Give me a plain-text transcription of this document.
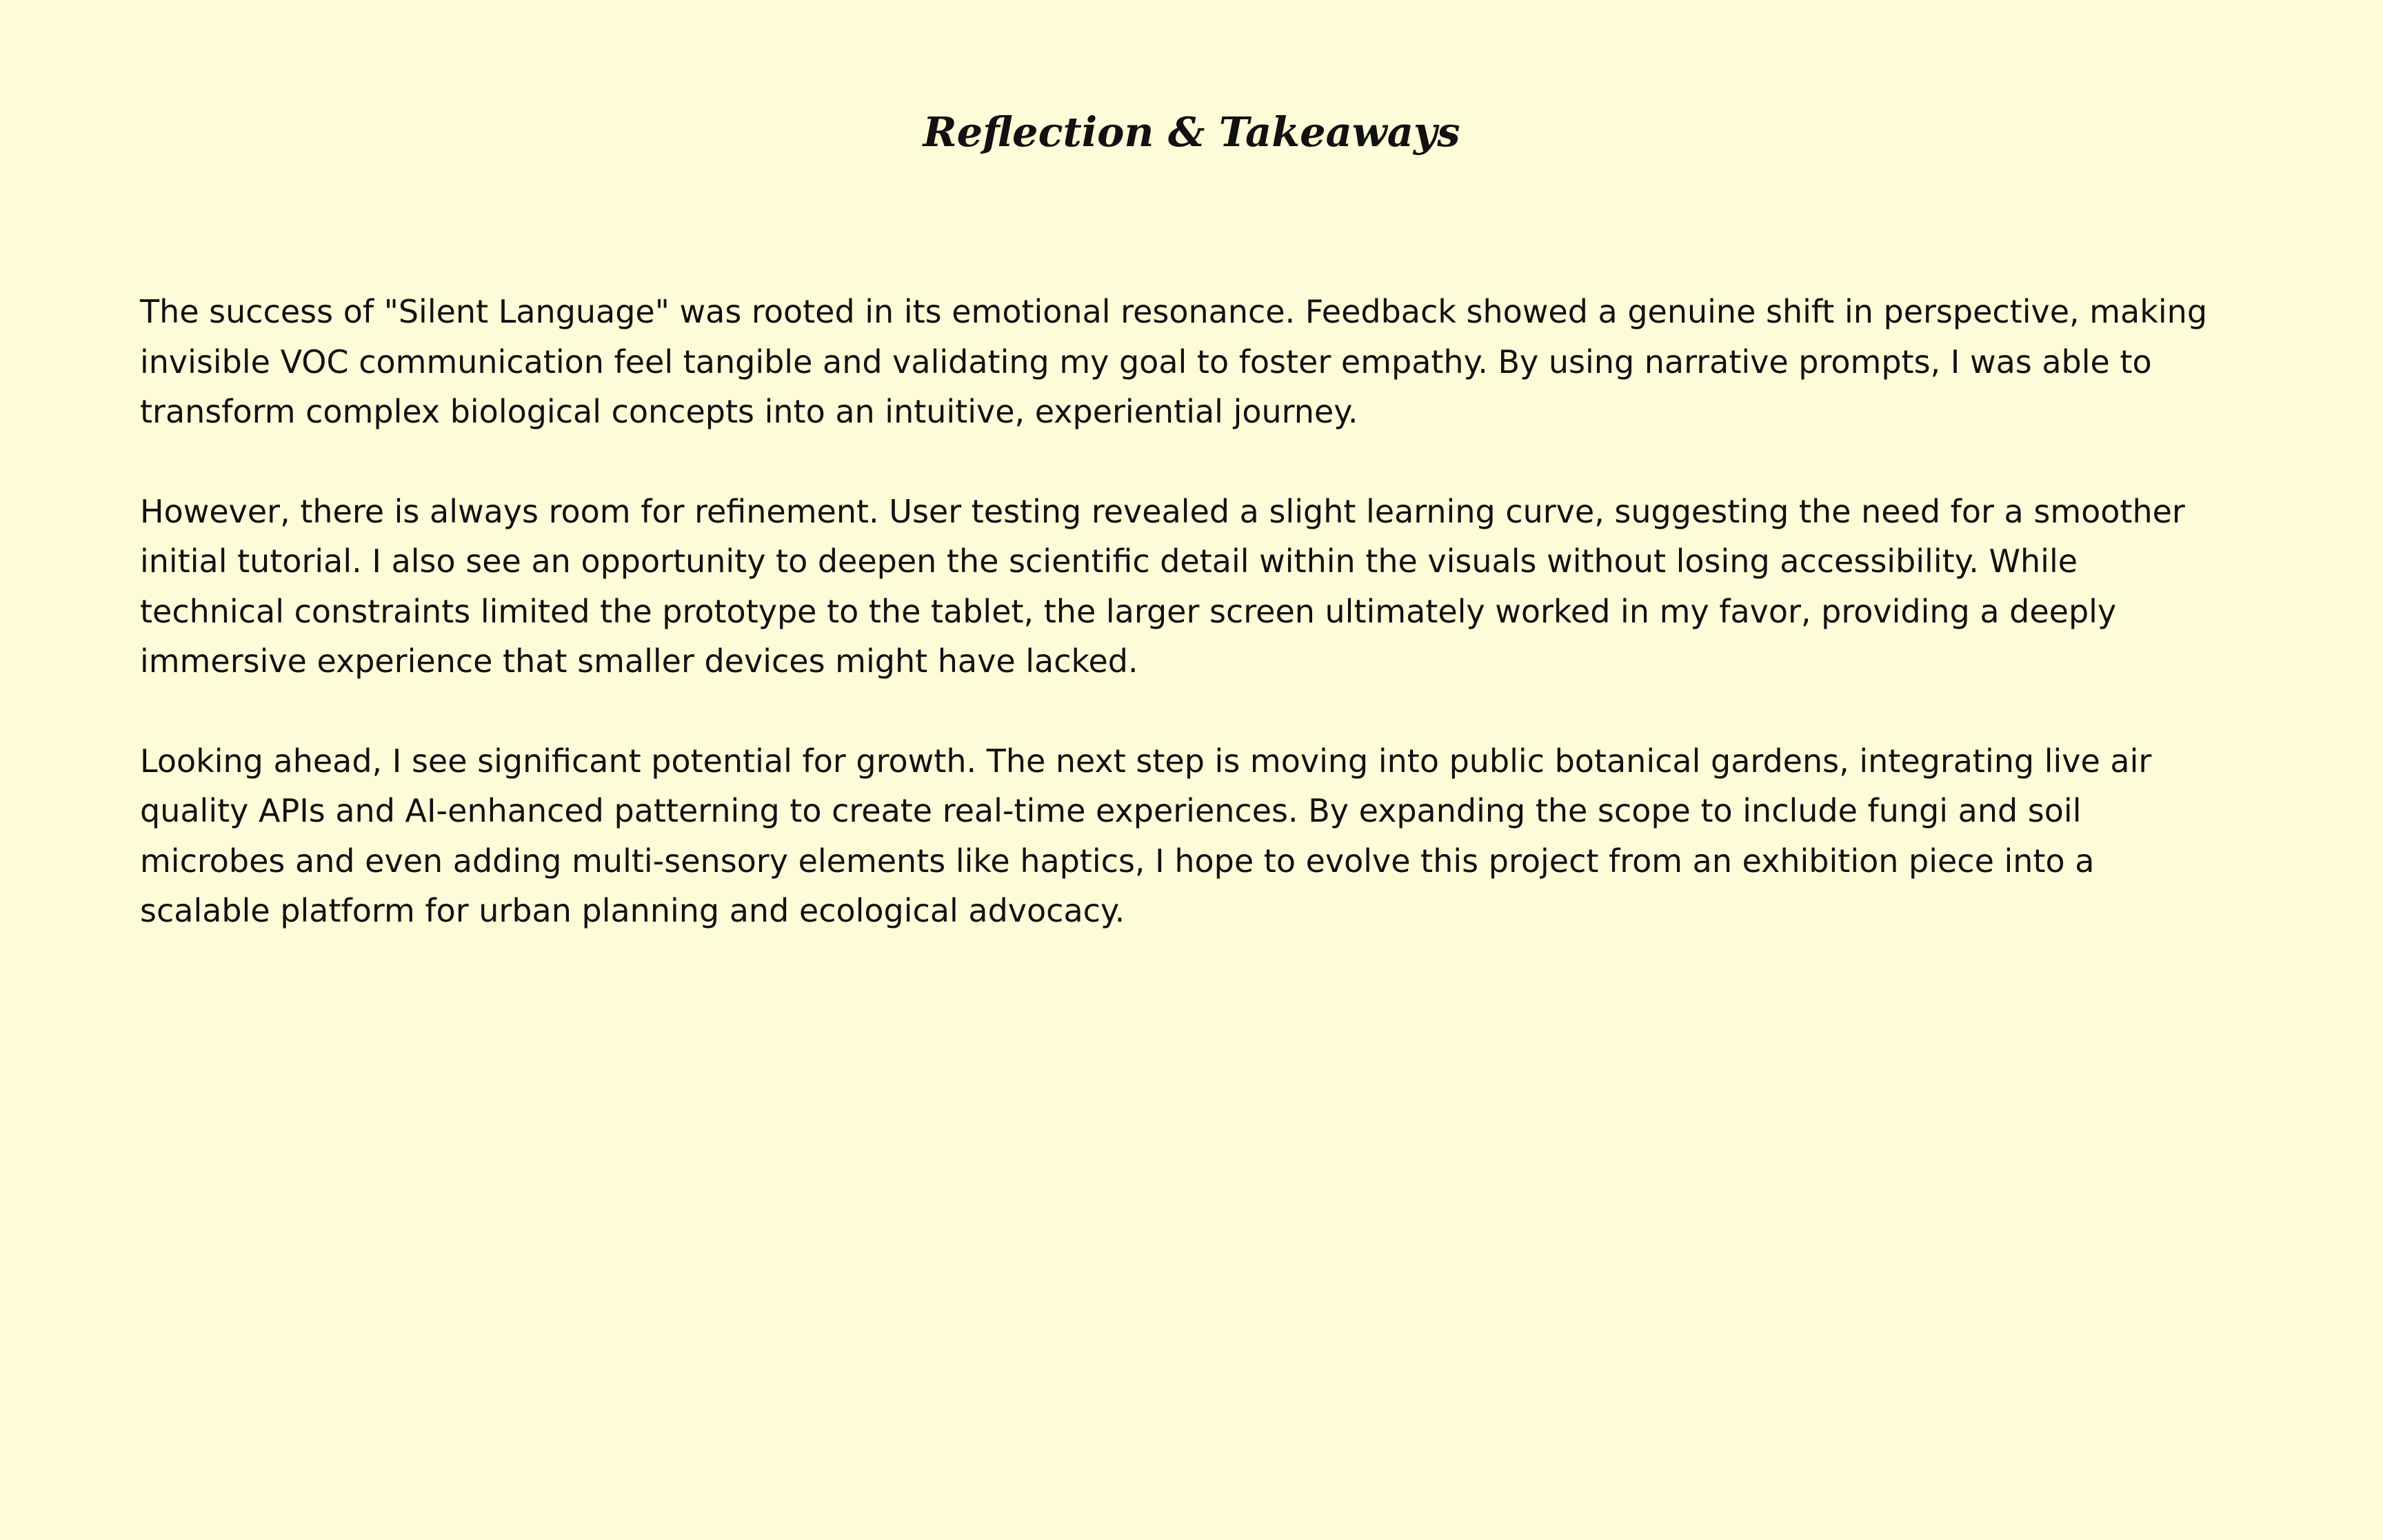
Reflection & Takeaways

The success of "Silent Language" was rooted in its emotional resonance. Feedback showed a genuine shift in perspective, making invisible VOC communication feel tangible and validating my goal to foster empathy. By using narrative prompts, I was able to transform complex biological concepts into an intuitive, experiential journey.

However, there is always room for refinement. User testing revealed a slight learning curve, suggesting the need for a smoother initial tutorial. I also see an opportunity to deepen the scientific detail within the visuals without losing accessibility. While technical constraints limited the prototype to the tablet, the larger screen ultimately worked in my favor, providing a deeply immersive experience that smaller devices might have lacked.

Looking ahead, I see significant potential for growth. The next step is moving into public botanical gardens, integrating live air quality APIs and AI-enhanced patterning to create real-time experiences. By expanding the scope to include fungi and soil microbes and even adding multi-sensory elements like haptics, I hope to evolve this project from an exhibition piece into a scalable platform for urban planning and ecological advocacy.
